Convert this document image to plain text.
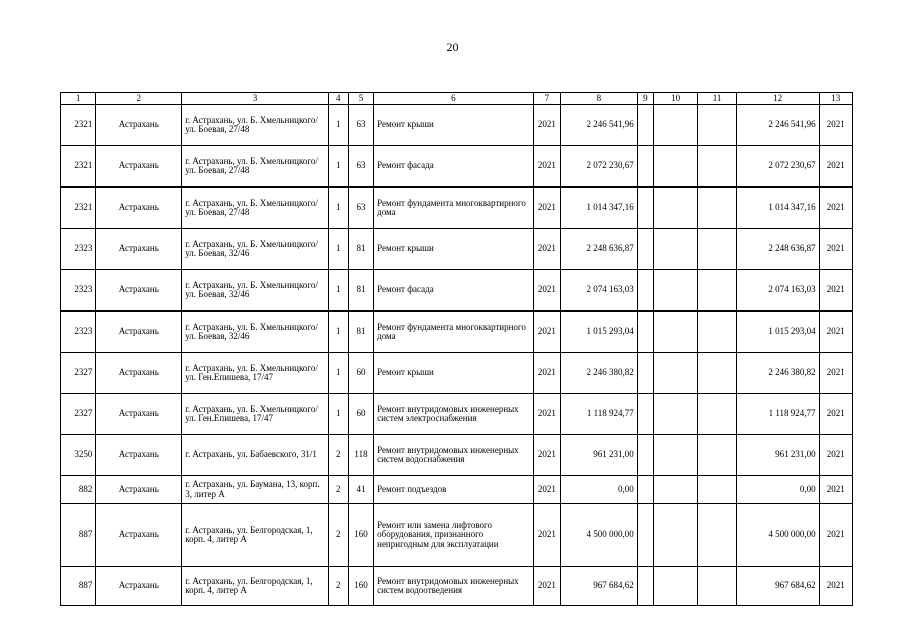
20
1	2	3	4	5	6	7	8	9	10	11	12	13
2321	Астрахань	г. Астрахань, ул. Б. Хмельницкого/ ул. Боевая, 27/48	1	63	Ремонт крыши	2021	2 246 541,96				2 246 541,96	2021
2321	Астрахань	г. Астрахань, ул. Б. Хмельницкого/ ул. Боевая, 27/48	1	63	Ремонт фасада	2021	2 072 230,67				2 072 230,67	2021
2321	Астрахань	г. Астрахань, ул. Б. Хмельницкого/ ул. Боевая, 27/48	1	63	Ремонт фундамента многоквартирного дома	2021	1 014 347,16				1 014 347,16	2021
2323	Астрахань	г. Астрахань, ул. Б. Хмельницкого/ ул. Боевая, 32/46	1	81	Ремонт крыши	2021	2 248 636,87				2 248 636,87	2021
2323	Астрахань	г. Астрахань, ул. Б. Хмельницкого/ ул. Боевая, 32/46	1	81	Ремонт фасада	2021	2 074 163,03				2 074 163,03	2021
2323	Астрахань	г. Астрахань, ул. Б. Хмельницкого/ ул. Боевая, 32/46	1	81	Ремонт фундамента многоквартирного дома	2021	1 015 293,04				1 015 293,04	2021
2327	Астрахань	г. Астрахань, ул. Б. Хмельницкого/ ул. Ген.Епишева, 17/47	1	60	Ремонт крыши	2021	2 246 380,82				2 246 380,82	2021
2327	Астрахань	г. Астрахань, ул. Б. Хмельницкого/ ул. Ген.Епишева, 17/47	1	60	Ремонт внутридомовых инженерных систем электроснабжения	2021	1 118 924,77				1 118 924,77	2021
3250	Астрахань	г. Астрахань, ул. Бабаевского, 31/1	2	118	Ремонт внутридомовых инженерных систем водоснабжения	2021	961 231,00				961 231,00	2021
882	Астрахань	г. Астрахань, ул. Баумана, 13, корп. 3, литер А	2	41	Ремонт подъездов	2021	0,00				0,00	2021
887	Астрахань	г. Астрахань, ул. Белгородская, 1, корп. 4, литер А	2	160	Ремонт или замена лифтового оборудования, признанного непригодным для эксплуатации	2021	4 500 000,00				4 500 000,00	2021
887	Астрахань	г. Астрахань, ул. Белгородская, 1, корп. 4, литер А	2	160	Ремонт внутридомовых инженерных систем водоотведения	2021	967 684,62				967 684,62	2021
